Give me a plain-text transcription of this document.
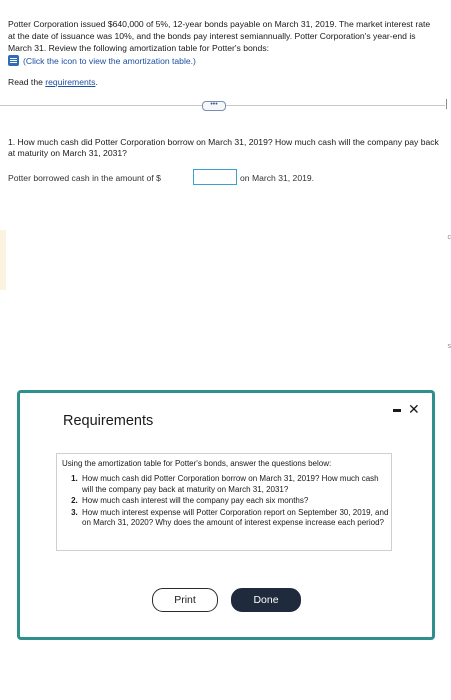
Potter Corporation issued $640,000 of 5%, 12-year bonds payable on March 31, 2019. The market interest rate at the date of issuance was 10%, and the bonds pay interest semiannually. Potter Corporation's year-end is March 31. Review the following amortization table for Potter's bonds:
(Click the icon to view the amortization table.)
Read the requirements.
•••
1. How much cash did Potter Corporation borrow on March 31, 2019? How much cash will the company pay back at maturity on March 31, 2031?
Potter borrowed cash in the amount of $	on March 31, 2019.
c
s
Requirements
✕
Using the amortization table for Potter's bonds, answer the questions below:
1. How much cash did Potter Corporation borrow on March 31, 2019? How much cash will the company pay back at maturity on March 31, 2031?
2. How much cash interest will the company pay each six months?
3. How much interest expense will Potter Corporation report on September 30, 2019, and on March 31, 2020? Why does the amount of interest expense increase each period?
Print	Done
